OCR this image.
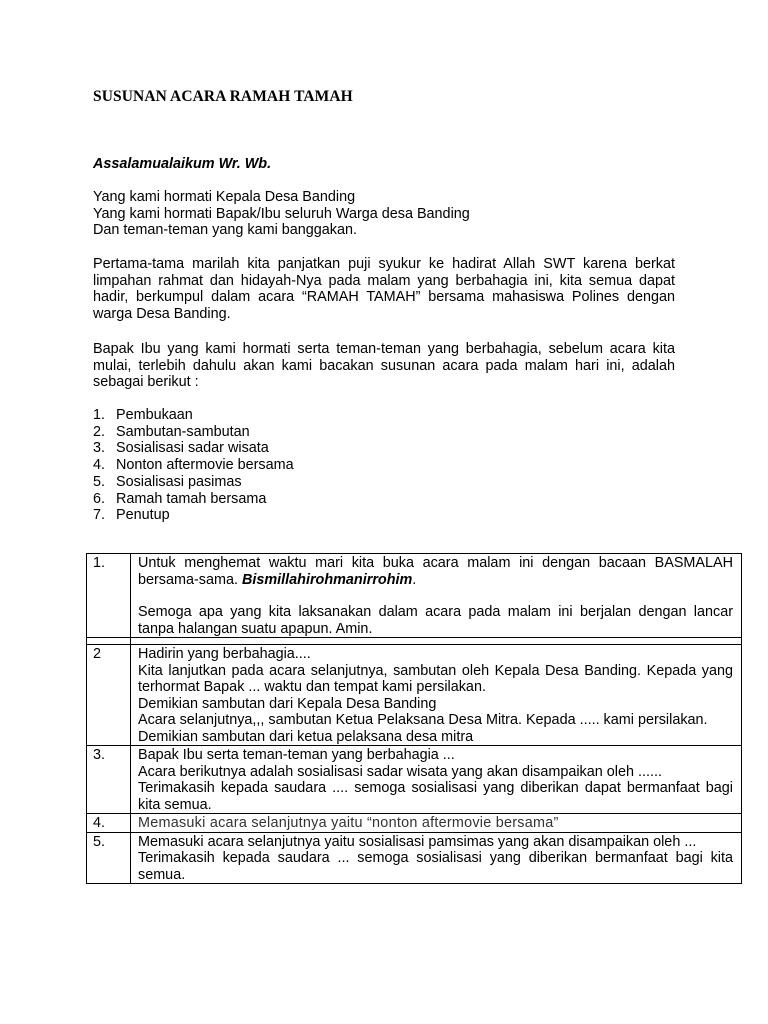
SUSUNAN ACARA RAMAH TAMAH
Assalamualaikum Wr. Wb.

Yang kami hormati Kepala Desa Banding

Yang kami hormati Bapak/Ibu seluruh Warga desa Banding

Dan teman-teman yang kami banggakan.

Pertama-tama marilah kita panjatkan puji syukur ke hadirat Allah SWT karena berkat limpahan rahmat dan hidayah-Nya pada malam yang berbahagia ini, kita semua dapat hadir, berkumpul dalam acara “RAMAH TAMAH” bersama mahasiswa Polines dengan warga Desa Banding.
Bapak Ibu yang kami hormati serta teman-teman yang berbahagia, sebelum acara kita mulai, terlebih dahulu akan kami bacakan susunan acara pada malam hari ini, adalah sebagai berikut :
1. Pembukaan
2. Sambutan-sambutan
3. Sosialisasi sadar wisata
4. Nonton aftermovie bersama
5. Sosialisasi pasimas
6. Ramah tamah bersama
7. Penutup
1.	Untuk menghemat waktu mari kita buka acara malam ini dengan bacaan BASMALAH bersama-sama. Bismillahirohmanirrohim.
Semoga apa yang kita laksanakan dalam acara pada malam ini berjalan dengan lancar tanpa halangan suatu apapun. Amin.

2	Hadirin yang berbahagia....
Kita lanjutkan pada acara selanjutnya, sambutan oleh Kepala Desa Banding. Kepada yang terhormat Bapak ... waktu dan tempat kami persilakan.
Demikian sambutan dari Kepala Desa Banding
Acara selanjutnya,,, sambutan Ketua Pelaksana Desa Mitra. Kepada ..... kami persilakan.
Demikian sambutan dari ketua pelaksana desa mitra

3.	Bapak Ibu serta teman-teman yang berbahagia ...
Acara berikutnya adalah sosialisasi sadar wisata yang akan disampaikan oleh ......
Terimakasih kepada saudara .... semoga sosialisasi yang diberikan dapat bermanfaat bagi kita semua.

4.	Memasuki acara selanjutnya yaitu “nonton aftermovie bersama”

5.	Memasuki acara selanjutnya yaitu sosialisasi pamsimas yang akan disampaikan oleh ...
Terimakasih kepada saudara ... semoga sosialisasi yang diberikan bermanfaat bagi kita semua.
